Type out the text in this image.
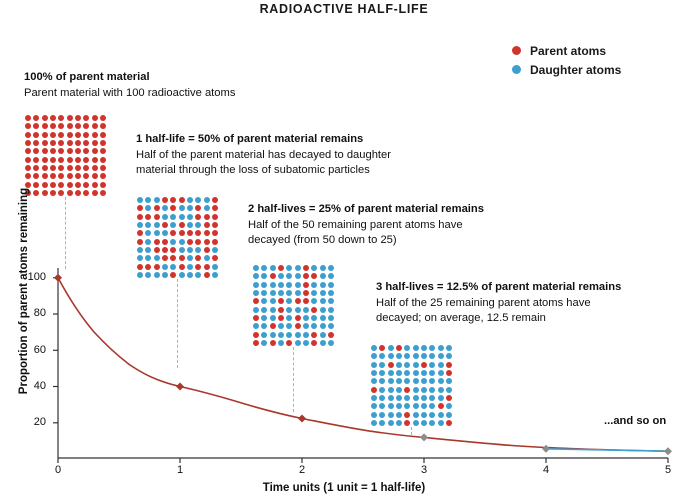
RADIOACTIVE HALF-LIFE
Parent atoms
Daughter atoms
100% of parent material
Parent material with 100 radioactive atoms
1 half-life = 50% of parent material remains
Half of the parent material has decayed to daughter
material through the loss of subatomic particles
2 half-lives = 25% of parent material remains
Half of the 50 remaining parent atoms have
decayed (from 50 down to 25)
3 half-lives = 12.5% of parent material remains
Half of the 25 remaining parent atoms have
decayed; on average, 12.5 remain
0	1	2	3	4	5
100
80
60
40
20
Proportion of parent atoms remaining
Time units (1 unit = 1 half-life)
...and so on
